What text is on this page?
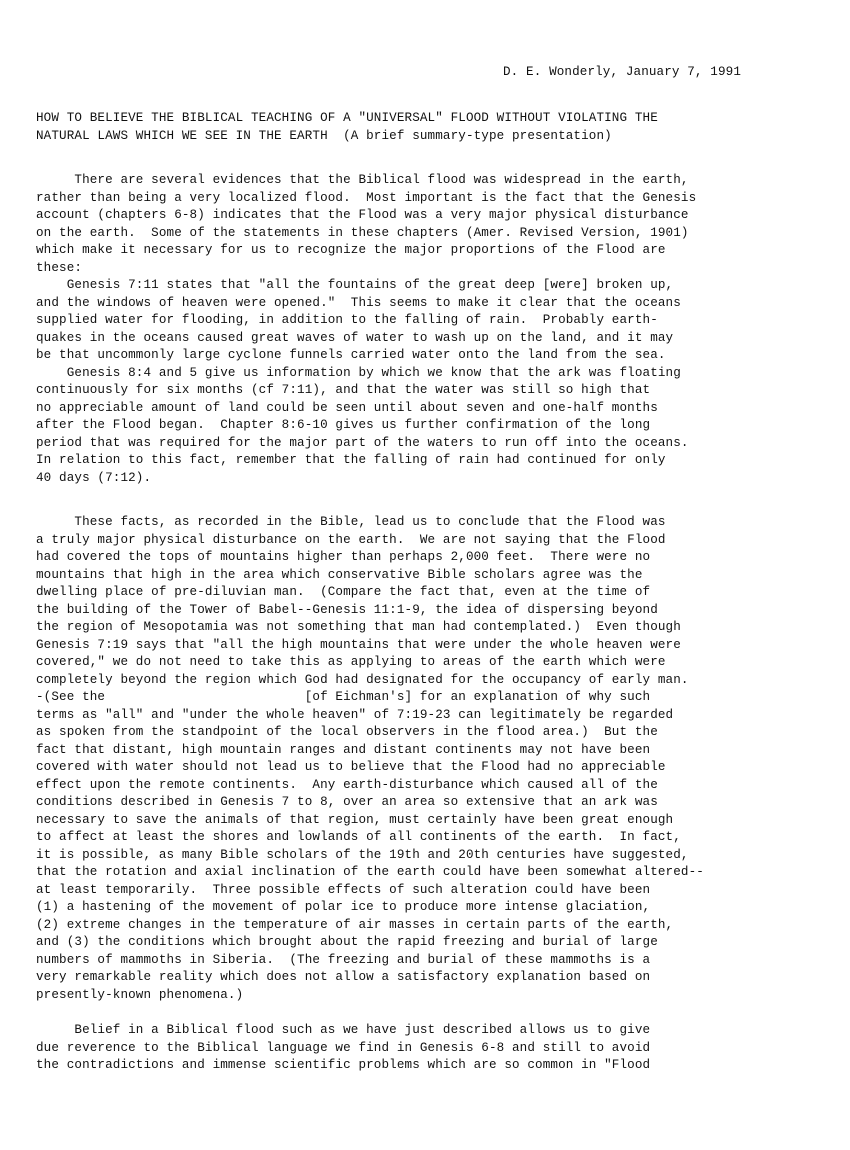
D. E. Wonderly, January 7, 1991
HOW TO BELIEVE THE BIBLICAL TEACHING OF A "UNIVERSAL" FLOOD WITHOUT VIOLATING THE
NATURAL LAWS WHICH WE SEE IN THE EARTH  (A brief summary-type presentation)
There are several evidences that the Biblical flood was widespread in the earth,
rather than being a very localized flood.  Most important is the fact that the Genesis
account (chapters 6-8) indicates that the Flood was a very major physical disturbance
on the earth.  Some of the statements in these chapters (Amer. Revised Version, 1901)
which make it necessary for us to recognize the major proportions of the Flood are
these:
Genesis 7:11 states that "all the fountains of the great deep [were] broken up,
and the windows of heaven were opened."  This seems to make it clear that the oceans
supplied water for flooding, in addition to the falling of rain.  Probably earth-
quakes in the oceans caused great waves of water to wash up on the land, and it may
be that uncommonly large cyclone funnels carried water onto the land from the sea.
Genesis 8:4 and 5 give us information by which we know that the ark was floating
continuously for six months (cf 7:11), and that the water was still so high that
no appreciable amount of land could be seen until about seven and one-half months
after the Flood began.  Chapter 8:6-10 gives us further confirmation of the long
period that was required for the major part of the waters to run off into the oceans.
In relation to this fact, remember that the falling of rain had continued for only
40 days (7:12).
These facts, as recorded in the Bible, lead us to conclude that the Flood was
a truly major physical disturbance on the earth.  We are not saying that the Flood
had covered the tops of mountains higher than perhaps 2,000 feet.  There were no
mountains that high in the area which conservative Bible scholars agree was the
dwelling place of pre-diluvian man.  (Compare the fact that, even at the time of
the building of the Tower of Babel--Genesis 11:1-9, the idea of dispersing beyond
the region of Mesopotamia was not something that man had contemplated.)  Even though
Genesis 7:19 says that "all the high mountains that were under the whole heaven were
covered," we do not need to take this as applying to areas of the earth which were
completely beyond the region which God had designated for the occupancy of early man.
-(See the                          [of Eichman's] for an explanation of why such
terms as "all" and "under the whole heaven" of 7:19-23 can legitimately be regarded
as spoken from the standpoint of the local observers in the flood area.)  But the
fact that distant, high mountain ranges and distant continents may not have been
covered with water should not lead us to believe that the Flood had no appreciable
effect upon the remote continents.  Any earth-disturbance which caused all of the
conditions described in Genesis 7 to 8, over an area so extensive that an ark was
necessary to save the animals of that region, must certainly have been great enough
to affect at least the shores and lowlands of all continents of the earth.  In fact,
it is possible, as many Bible scholars of the 19th and 20th centuries have suggested,
that the rotation and axial inclination of the earth could have been somewhat altered--
at least temporarily.  Three possible effects of such alteration could have been
(1) a hastening of the movement of polar ice to produce more intense glaciation,
(2) extreme changes in the temperature of air masses in certain parts of the earth,
and (3) the conditions which brought about the rapid freezing and burial of large
numbers of mammoths in Siberia.  (The freezing and burial of these mammoths is a
very remarkable reality which does not allow a satisfactory explanation based on
presently-known phenomena.)
Belief in a Biblical flood such as we have just described allows us to give
due reverence to the Biblical language we find in Genesis 6-8 and still to avoid
the contradictions and immense scientific problems which are so common in "Flood
